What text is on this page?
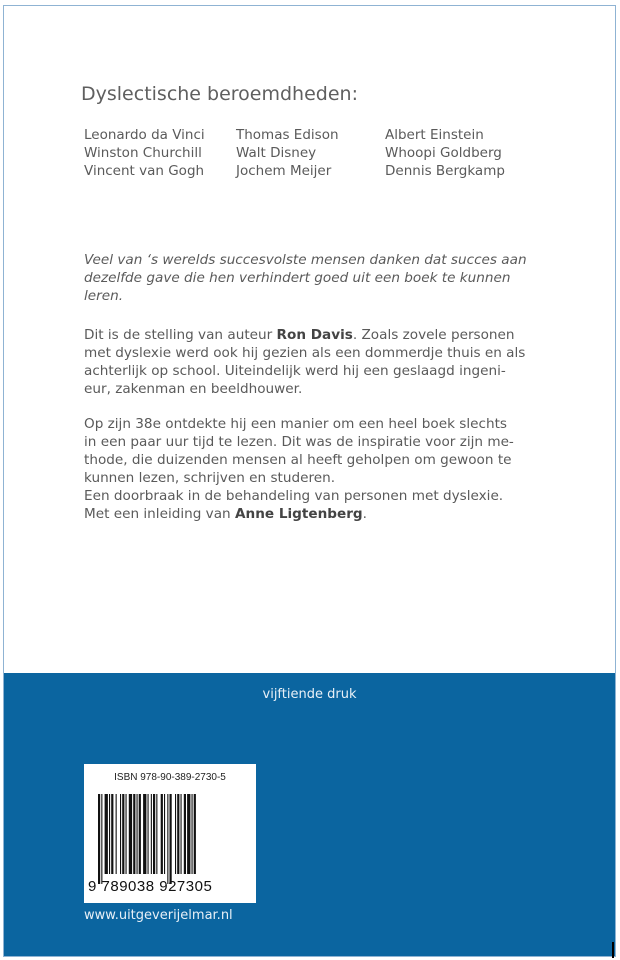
Dyslectische beroemdheden:
Leonardo da Vinci
Winston Churchill
Vincent van Gogh
Thomas Edison
Walt Disney
Jochem Meijer
Albert Einstein
Whoopi Goldberg
Dennis Bergkamp
Veel van ‘s werelds succesvolste mensen danken dat succes aan
dezelfde gave die hen verhindert goed uit een boek te kunnen
leren.
Dit is de stelling van auteur Ron Davis. Zoals zovele personen
met dyslexie werd ook hij gezien als een dommerdje thuis en als
achterlijk op school. Uiteindelijk werd hij een geslaagd ingeni-
eur, zakenman en beeldhouwer.
Op zijn 38e ontdekte hij een manier om een heel boek slechts
in een paar uur tijd te lezen. Dit was de inspiratie voor zijn me-
thode, die duizenden mensen al heeft geholpen om gewoon te
kunnen lezen, schrijven en studeren.
Een doorbraak in de behandeling van personen met dyslexie.
Met een inleiding van Anne Ligtenberg.
vijftiende druk
ISBN 978-90-389-2730-5
9 789038 927305
www.uitgeverijelmar.nl
